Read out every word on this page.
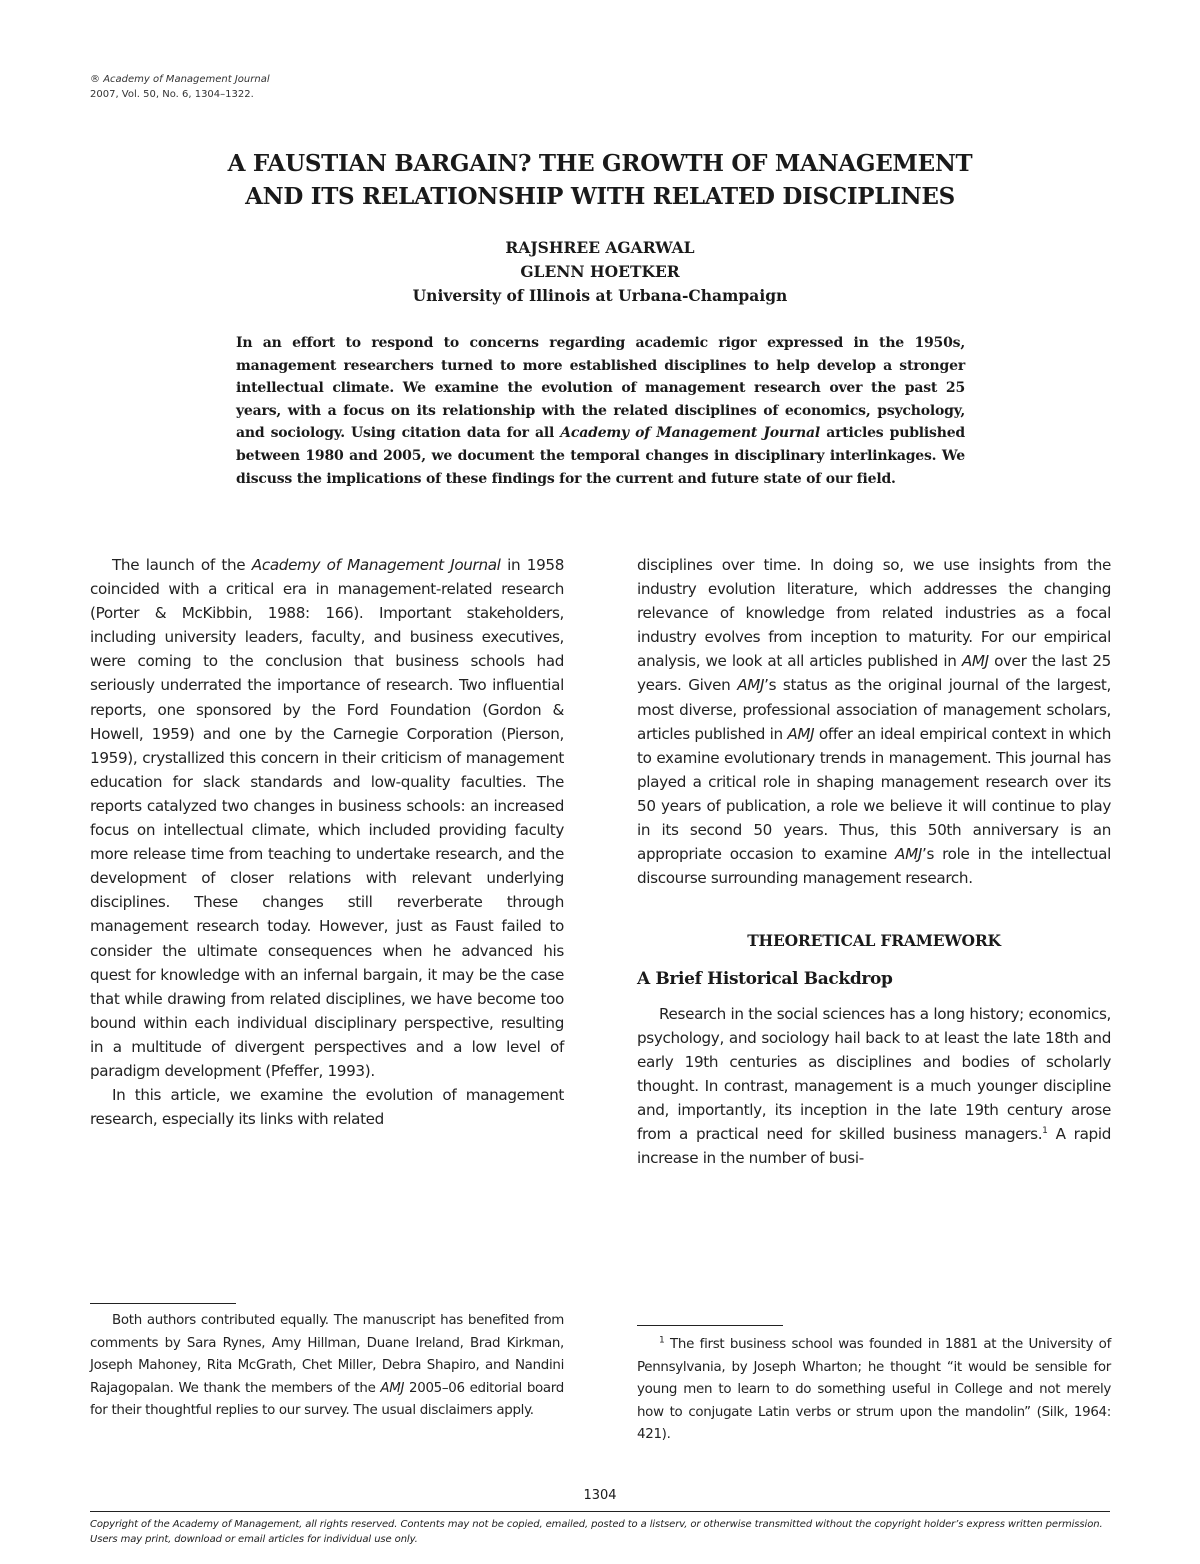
® Academy of Management Journal
2007, Vol. 50, No. 6, 1304–1322.
A FAUSTIAN BARGAIN? THE GROWTH OF MANAGEMENT
AND ITS RELATIONSHIP WITH RELATED DISCIPLINES
RAJSHREE AGARWAL
GLENN HOETKER
University of Illinois at Urbana-Champaign
In an effort to respond to concerns regarding academic rigor expressed in the 1950s, management researchers turned to more established disciplines to help develop a stronger intellectual climate. We examine the evolution of management research over the past 25 years, with a focus on its relationship with the related disciplines of economics, psychology, and sociology. Using citation data for all Academy of Management Journal articles published between 1980 and 2005, we document the temporal changes in disciplinary interlinkages. We discuss the implications of these findings for the current and future state of our field.

The launch of the Academy of Management Journal in 1958 coincided with a critical era in management-related research (Porter & McKibbin, 1988: 166). Important stakeholders, including university leaders, faculty, and business executives, were coming to the conclusion that business schools had seriously underrated the importance of research. Two influential reports, one sponsored by the Ford Foundation (Gordon & Howell, 1959) and one by the Carnegie Corporation (Pierson, 1959), crystallized this concern in their criticism of management education for slack standards and low-quality faculties. The reports catalyzed two changes in business schools: an increased focus on intellectual climate, which included providing faculty more release time from teaching to undertake research, and the development of closer relations with relevant underlying disciplines. These changes still reverberate through management research today. However, just as Faust failed to consider the ultimate consequences when he advanced his quest for knowledge with an infernal bargain, it may be the case that while drawing from related disciplines, we have become too bound within each individual disciplinary perspective, resulting in a multitude of divergent perspectives and a low level of paradigm development (Pfeffer, 1993).

In this article, we examine the evolution of management research, especially its links with related

disciplines over time. In doing so, we use insights from the industry evolution literature, which addresses the changing relevance of knowledge from related industries as a focal industry evolves from inception to maturity. For our empirical analysis, we look at all articles published in AMJ over the last 25 years. Given AMJ’s status as the original journal of the largest, most diverse, professional association of management scholars, articles published in AMJ offer an ideal empirical context in which to examine evolutionary trends in management. This journal has played a critical role in shaping management research over its 50 years of publication, a role we believe it will continue to play in its second 50 years. Thus, this 50th anniversary is an appropriate occasion to examine AMJ’s role in the intellectual discourse surrounding management research.

THEORETICAL FRAMEWORK
A Brief Historical Backdrop

Research in the social sciences has a long history; economics, psychology, and sociology hail back to at least the late 18th and early 19th centuries as disciplines and bodies of scholarly thought. In contrast, management is a much younger discipline and, importantly, its inception in the late 19th century arose from a practical need for skilled business managers.$^1$ A rapid increase in the number of busi-

Both authors contributed equally. The manuscript has benefited from comments by Sara Rynes, Amy Hillman, Duane Ireland, Brad Kirkman, Joseph Mahoney, Rita McGrath, Chet Miller, Debra Shapiro, and Nandini Rajagopalan. We thank the members of the AMJ 2005–06 editorial board for their thoughtful replies to our survey. The usual disclaimers apply.

$^1$ The first business school was founded in 1881 at the University of Pennsylvania, by Joseph Wharton; he thought “it would be sensible for young men to learn to do something useful in College and not merely how to conjugate Latin verbs or strum upon the mandolin” (Silk, 1964: 421).

1304
Copyright of the Academy of Management, all rights reserved. Contents may not be copied, emailed, posted to a listserv, or otherwise transmitted without the copyright holder’s express written permission. Users may print, download or email articles for individual use only.
